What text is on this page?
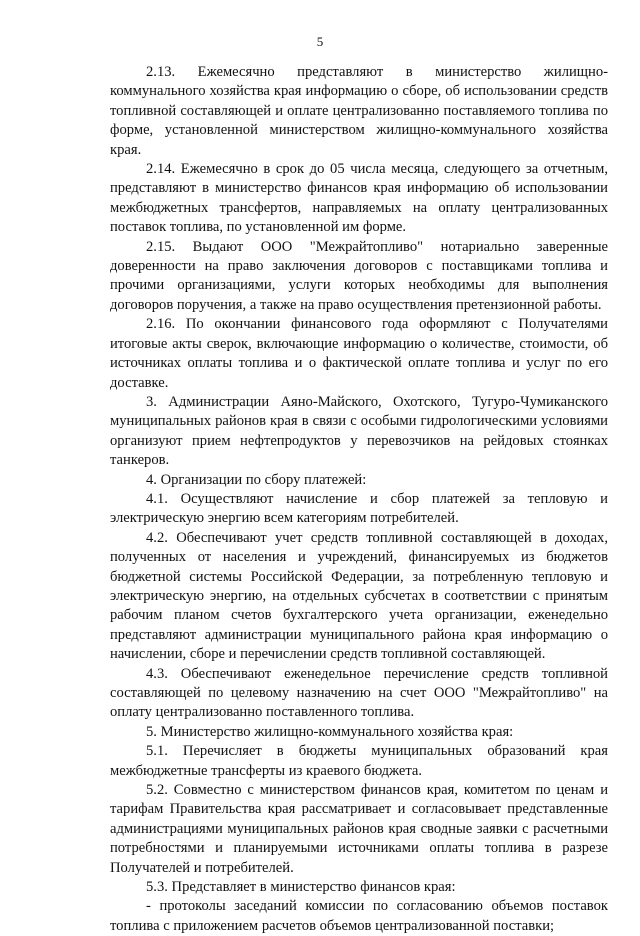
5

2.13. Ежемесячно представляют в министерство жилищно-коммунального хозяйства края информацию о сборе, об использовании средств топливной составляющей и оплате централизованно поставляемого топлива по форме, установленной министерством жилищно-коммунального хозяйства края.

2.14. Ежемесячно в срок до 05 числа месяца, следующего за отчетным, представляют в министерство финансов края информацию об использовании межбюджетных трансфертов, направляемых на оплату централизованных поставок топлива, по установленной им форме.

2.15. Выдают ООО "Межрайтопливо" нотариально заверенные доверенности на право заключения договоров с поставщиками топлива и прочими организациями, услуги которых необходимы для выполнения договоров поручения, а также на право осуществления претензионной работы.

2.16. По окончании финансового года оформляют с Получателями итоговые акты сверок, включающие информацию о количестве, стоимости, об источниках оплаты топлива и о фактической оплате топлива и услуг по его доставке.

3. Администрации Аяно-Майского, Охотского, Тугуро-Чумиканского муниципальных районов края в связи с особыми гидрологическими условиями организуют прием нефтепродуктов у перевозчиков на рейдовых стоянках танкеров.

4. Организации по сбору платежей:

4.1. Осуществляют начисление и сбор платежей за тепловую и электрическую энергию всем категориям потребителей.

4.2. Обеспечивают учет средств топливной составляющей в доходах, полученных от населения и учреждений, финансируемых из бюджетов бюджетной системы Российской Федерации, за потребленную тепловую и электрическую энергию, на отдельных субсчетах в соответствии с принятым рабочим планом счетов бухгалтерского учета организации, еженедельно представляют администрации муниципального района края информацию о начислении, сборе и перечислении средств топливной составляющей.

4.3. Обеспечивают еженедельное перечисление средств топливной составляющей по целевому назначению на счет ООО "Межрайтопливо" на оплату централизованно поставленного топлива.

5. Министерство жилищно-коммунального хозяйства края:

5.1. Перечисляет в бюджеты муниципальных образований края межбюджетные трансферты из краевого бюджета.

5.2. Совместно с министерством финансов края, комитетом по ценам и тарифам Правительства края рассматривает и согласовывает представленные администрациями муниципальных районов края сводные заявки с расчетными потребностями и планируемыми источниками оплаты топлива в разрезе Получателей и потребителей.

5.3. Представляет в министерство финансов края:

- протоколы заседаний комиссии по согласованию объемов поставок топлива с приложением расчетов объемов централизованной поставки;
